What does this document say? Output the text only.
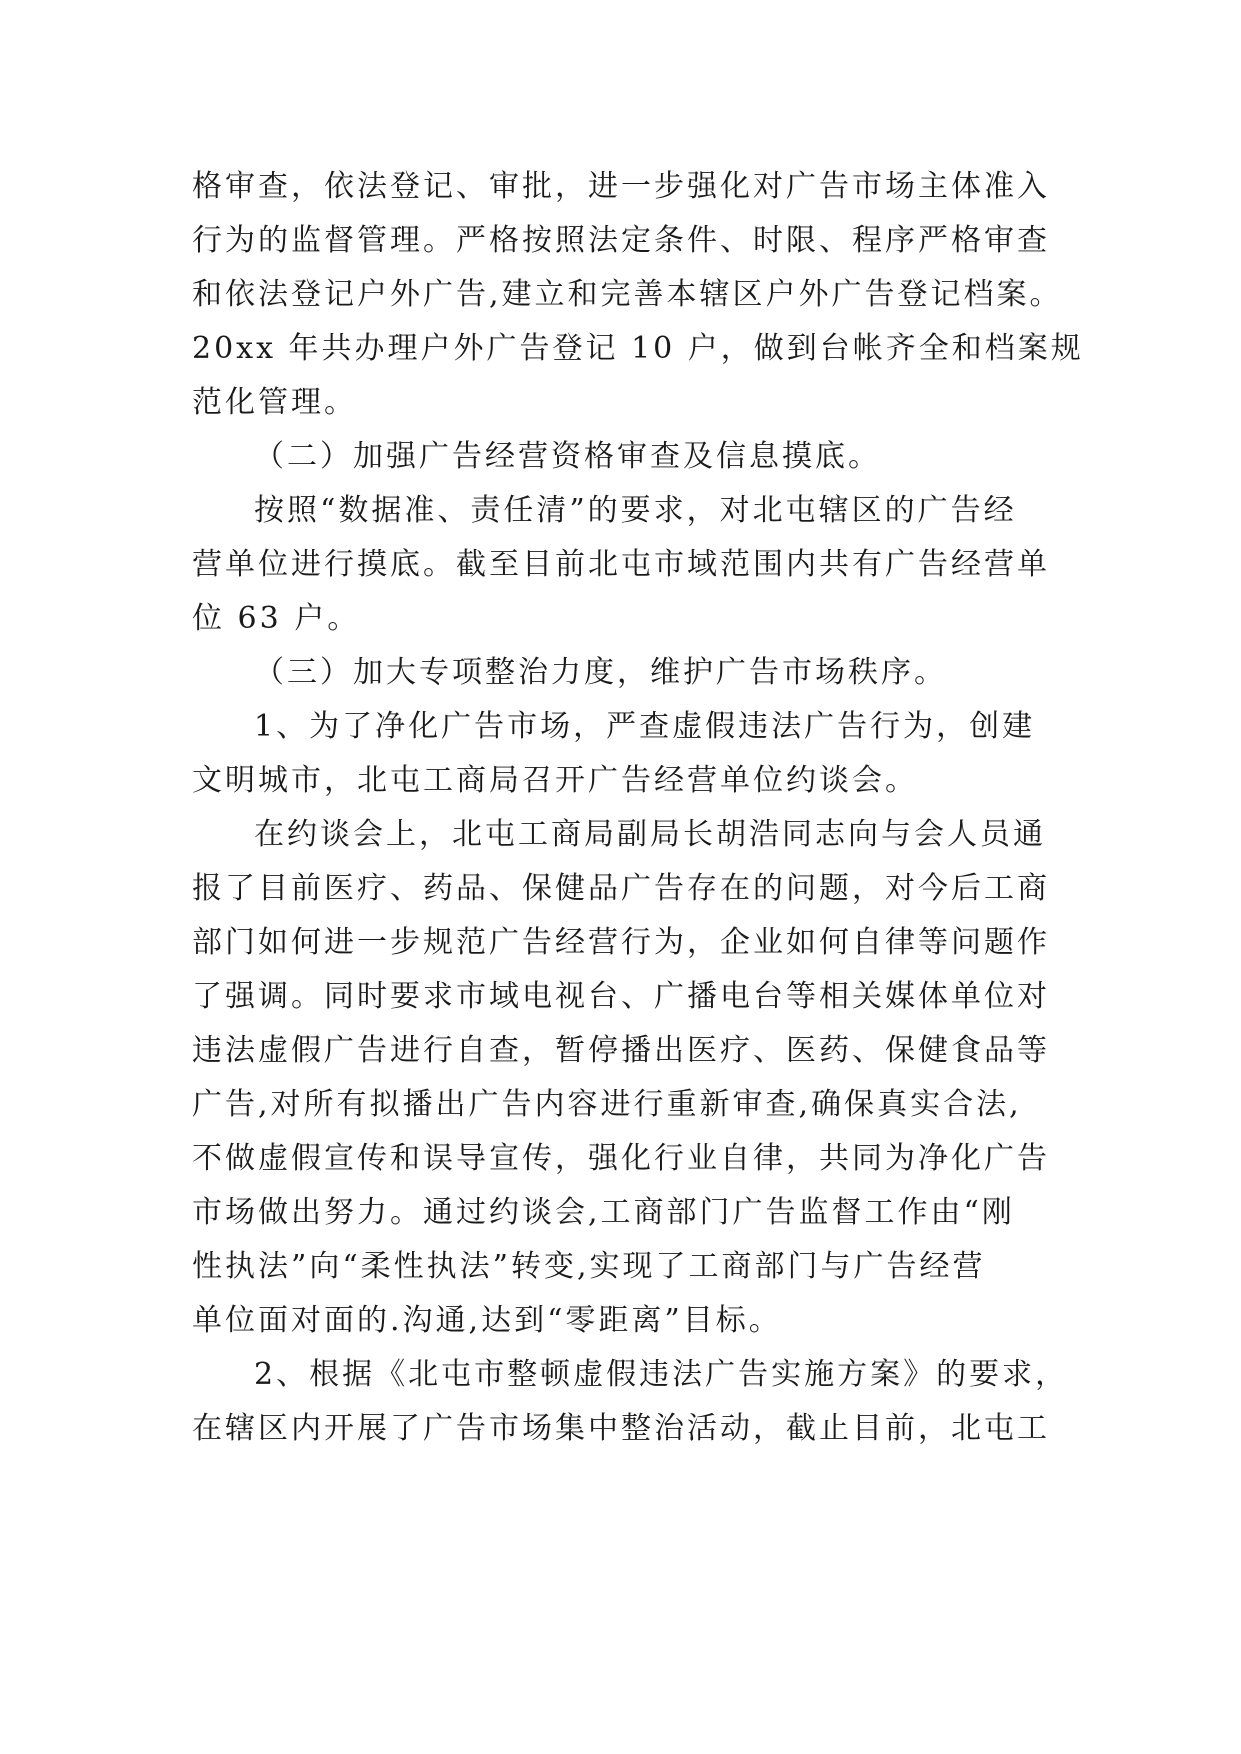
格审查，依法登记、审批，进一步强化对广告市场主体准入
行为的监督管理。严格按照法定条件、时限、程序严格审查
和依法登记户外广告,建立和完善本辖区户外广告登记档案。
20xx 年共办理户外广告登记 10 户，做到台帐齐全和档案规
范化管理。
（二）加强广告经营资格审查及信息摸底。
按照“数据准、责任清”的要求，对北屯辖区的广告经
营单位进行摸底。截至目前北屯市域范围内共有广告经营单
位 63 户。
（三）加大专项整治力度，维护广告市场秩序。
1、为了净化广告市场，严查虚假违法广告行为，创建
文明城市，北屯工商局召开广告经营单位约谈会。
在约谈会上，北屯工商局副局长胡浩同志向与会人员通
报了目前医疗、药品、保健品广告存在的问题，对今后工商
部门如何进一步规范广告经营行为，企业如何自律等问题作
了强调。同时要求市域电视台、广播电台等相关媒体单位对
违法虚假广告进行自查，暂停播出医疗、医药、保健食品等
广告,对所有拟播出广告内容进行重新审查,确保真实合法,
不做虚假宣传和误导宣传，强化行业自律，共同为净化广告
市场做出努力。通过约谈会,工商部门广告监督工作由“刚
性执法”向“柔性执法”转变,实现了工商部门与广告经营
单位面对面的.沟通,达到“零距离”目标。
2、根据《北屯市整顿虚假违法广告实施方案》的要求，
在辖区内开展了广告市场集中整治活动，截止目前，北屯工
